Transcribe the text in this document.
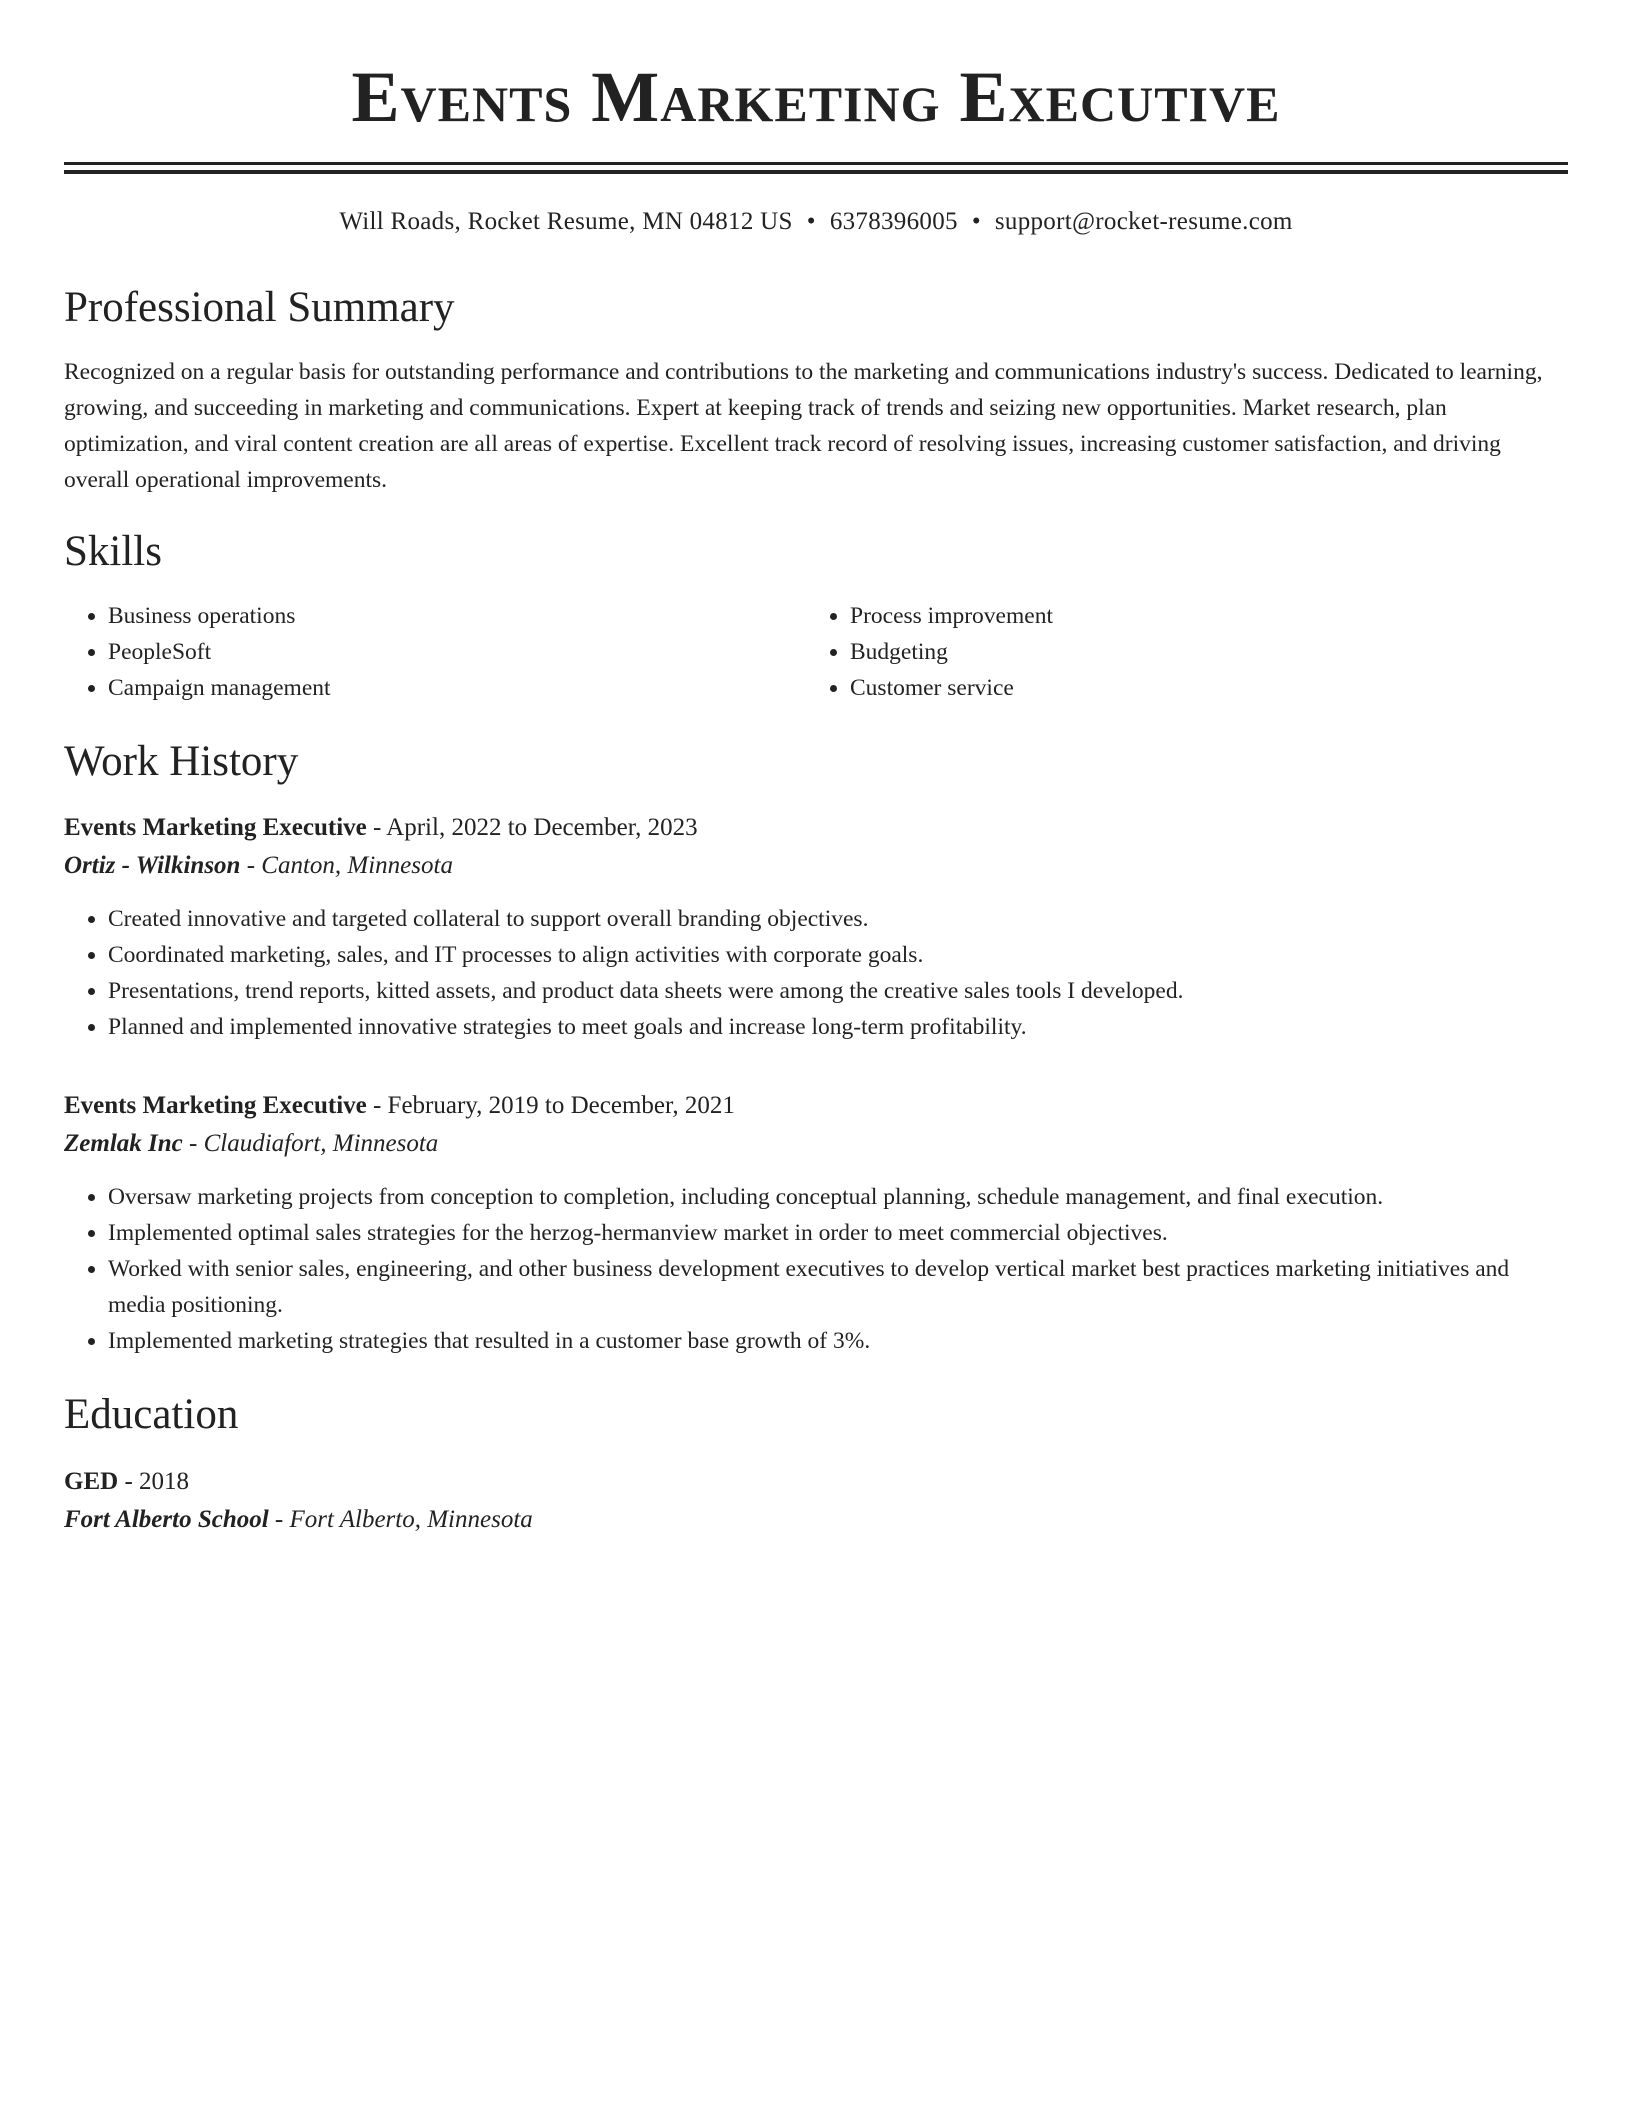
Events Marketing Executive
Will Roads, Rocket Resume, MN 04812 US • 6378396005 • support@rocket-resume.com
Professional Summary

Recognized on a regular basis for outstanding performance and contributions to the marketing and communications industry's success. Dedicated to learning, growing, and succeeding in marketing and communications. Expert at keeping track of trends and seizing new opportunities. Market research, plan optimization, and viral content creation are all areas of expertise. Excellent track record of resolving issues, increasing customer satisfaction, and driving overall operational improvements.

Skills
• Business operations
• PeopleSoft
• Campaign management
• Process improvement
• Budgeting
• Customer service
Work History
Events Marketing Executive - April, 2022 to December, 2023
Ortiz - Wilkinson - Canton, Minnesota
• Created innovative and targeted collateral to support overall branding objectives.
• Coordinated marketing, sales, and IT processes to align activities with corporate goals.
• Presentations, trend reports, kitted assets, and product data sheets were among the creative sales tools I developed.
• Planned and implemented innovative strategies to meet goals and increase long-term profitability.
Events Marketing Executive - February, 2019 to December, 2021
Zemlak Inc - Claudiafort, Minnesota
• Oversaw marketing projects from conception to completion, including conceptual planning, schedule management, and final execution.
• Implemented optimal sales strategies for the herzog-hermanview market in order to meet commercial objectives.
• Worked with senior sales, engineering, and other business development executives to develop vertical market best practices marketing initiatives and media positioning.
• Implemented marketing strategies that resulted in a customer base growth of 3%.
Education
GED - 2018
Fort Alberto School - Fort Alberto, Minnesota
